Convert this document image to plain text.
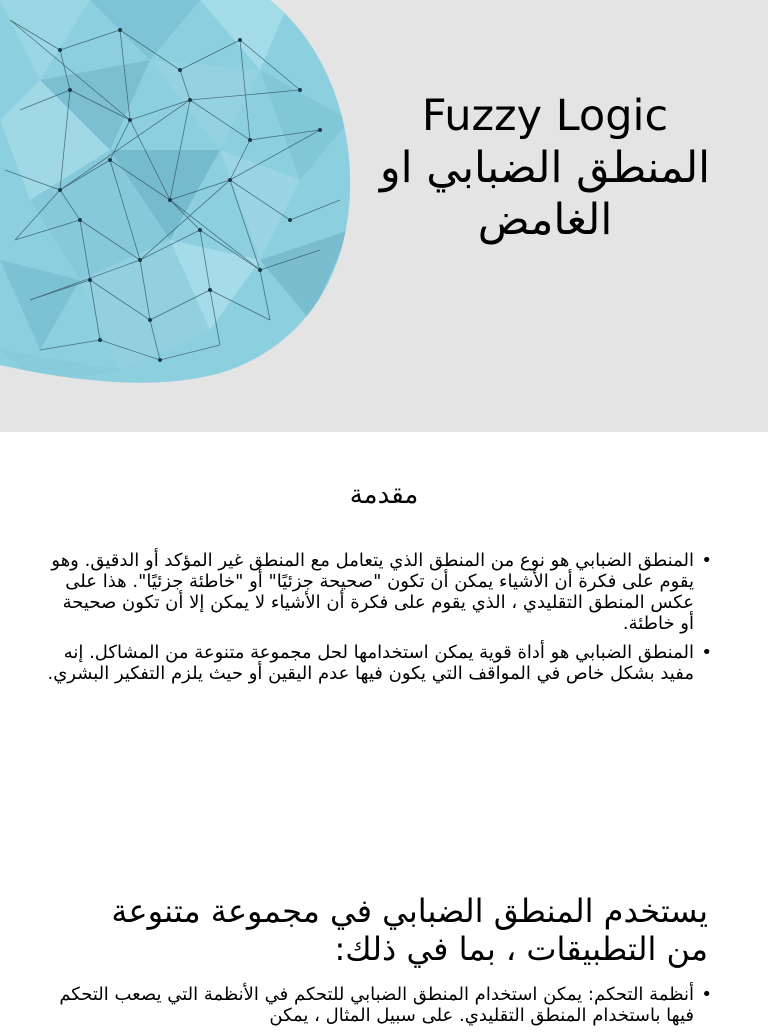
Fuzzy Logic
المنطق الضبابي او
الغامض
مقدمة
•
المنطق الضبابي هو نوع من المنطق الذي يتعامل مع المنطق غير المؤكد أو الدقيق. وهو يقوم على فكرة أن الأشياء يمكن أن تكون "صحيحة جزئيًا" أو "خاطئة جزئيًا". هذا على عكس المنطق التقليدي ، الذي يقوم على فكرة أن الأشياء لا يمكن إلا أن تكون صحيحة أو خاطئة.
•
المنطق الضبابي هو أداة قوية يمكن استخدامها لحل مجموعة متنوعة من المشاكل. إنه مفيد بشكل خاص في المواقف التي يكون فيها عدم اليقين أو حيث يلزم التفكير البشري.
يستخدم المنطق الضبابي في مجموعة متنوعة من التطبيقات ، بما في ذلك:
•
أنظمة التحكم: يمكن استخدام المنطق الضبابي للتحكم في الأنظمة التي يصعب التحكم فيها باستخدام المنطق التقليدي. على سبيل المثال ، يمكن
